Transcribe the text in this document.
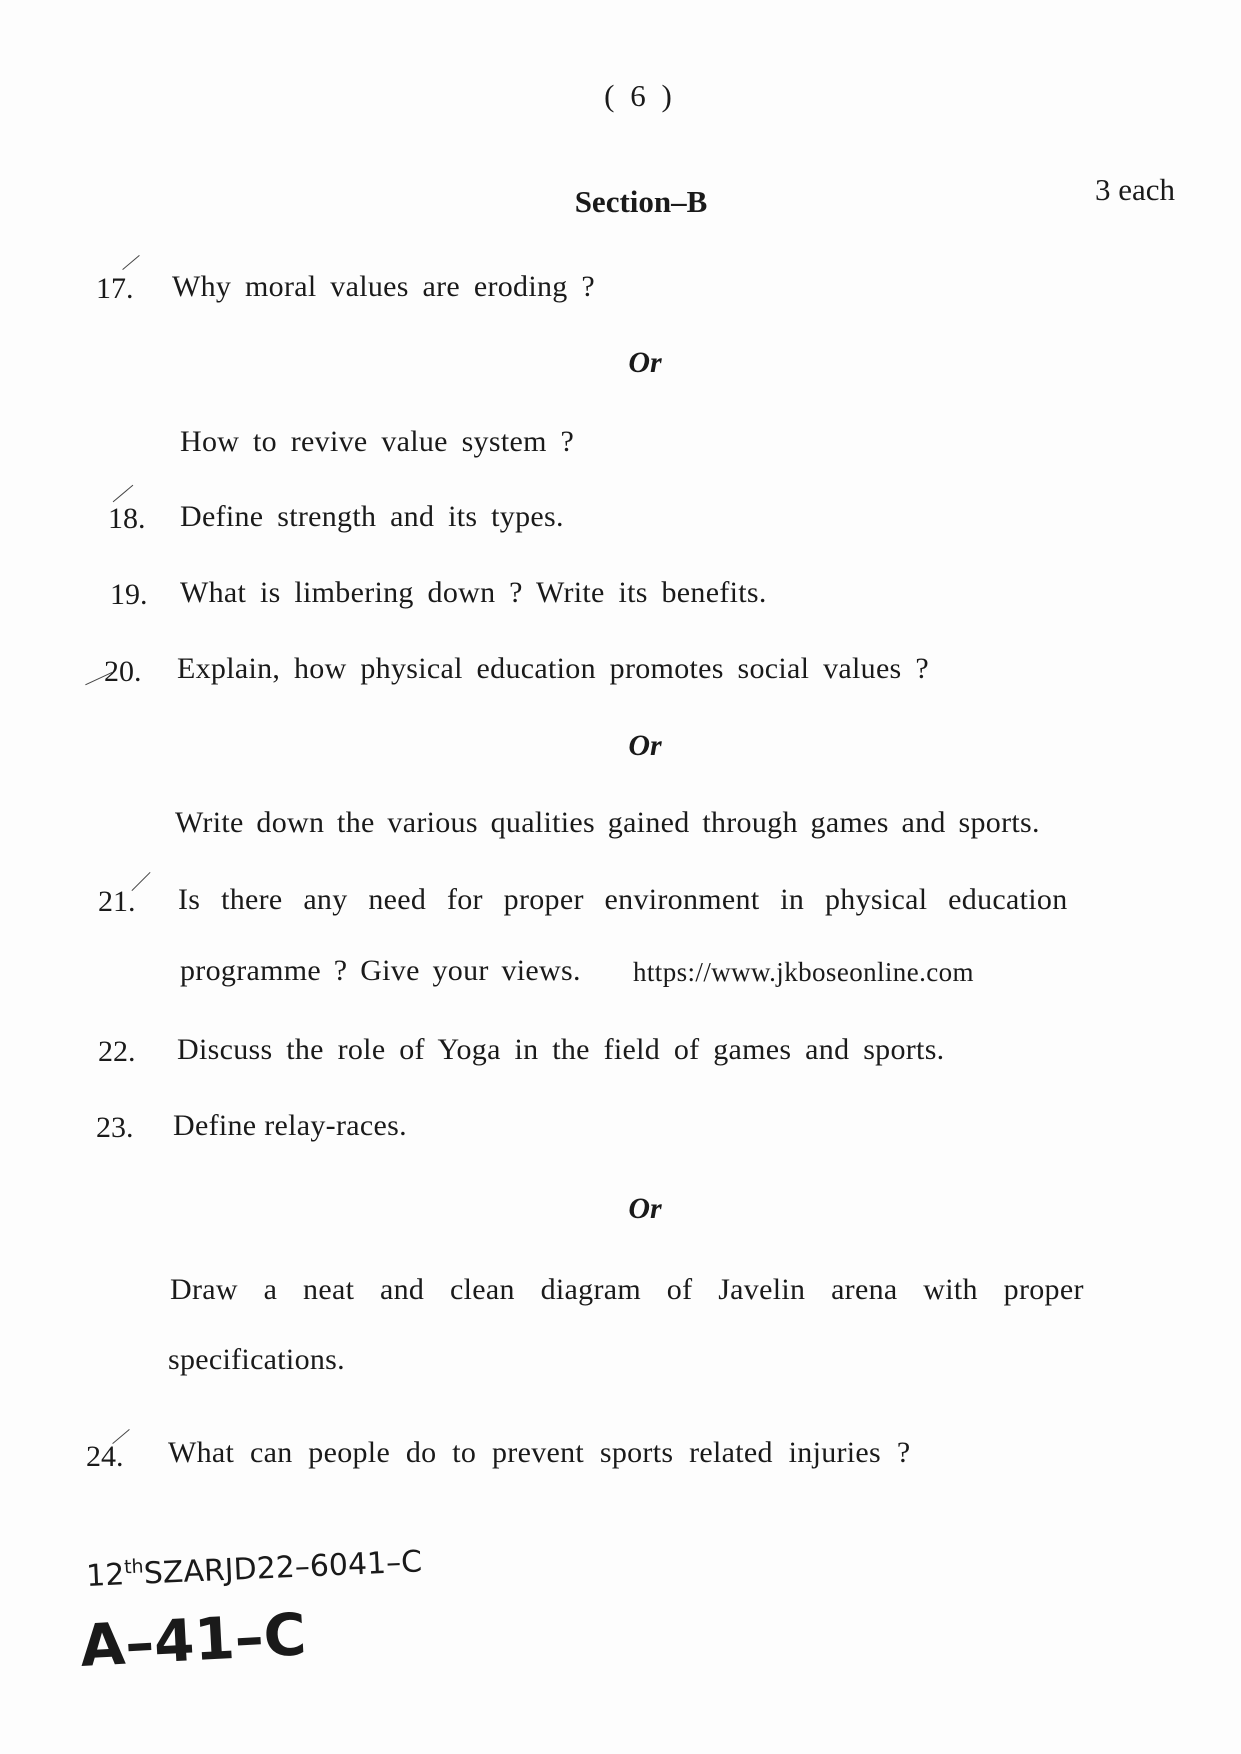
( 6 )
Section–B	3 each
17. Why moral values are eroding ?
Or
How to revive value system ?
18. Define strength and its types.
19. What is limbering down ? Write its benefits.
20. Explain, how physical education promotes social values ?
Or
Write down the various qualities gained through games and sports.
21. Is there any need for proper environment in physical education
programme ? Give your views. https://www.jkboseonline.com
22. Discuss the role of Yoga in the field of games and sports.
23. Define relay-races.
Or
Draw a neat and clean diagram of Javelin arena with proper
specifications.
24. What can people do to prevent sports related injuries ?
12thSZARJD22–6041–C
A–41–C
